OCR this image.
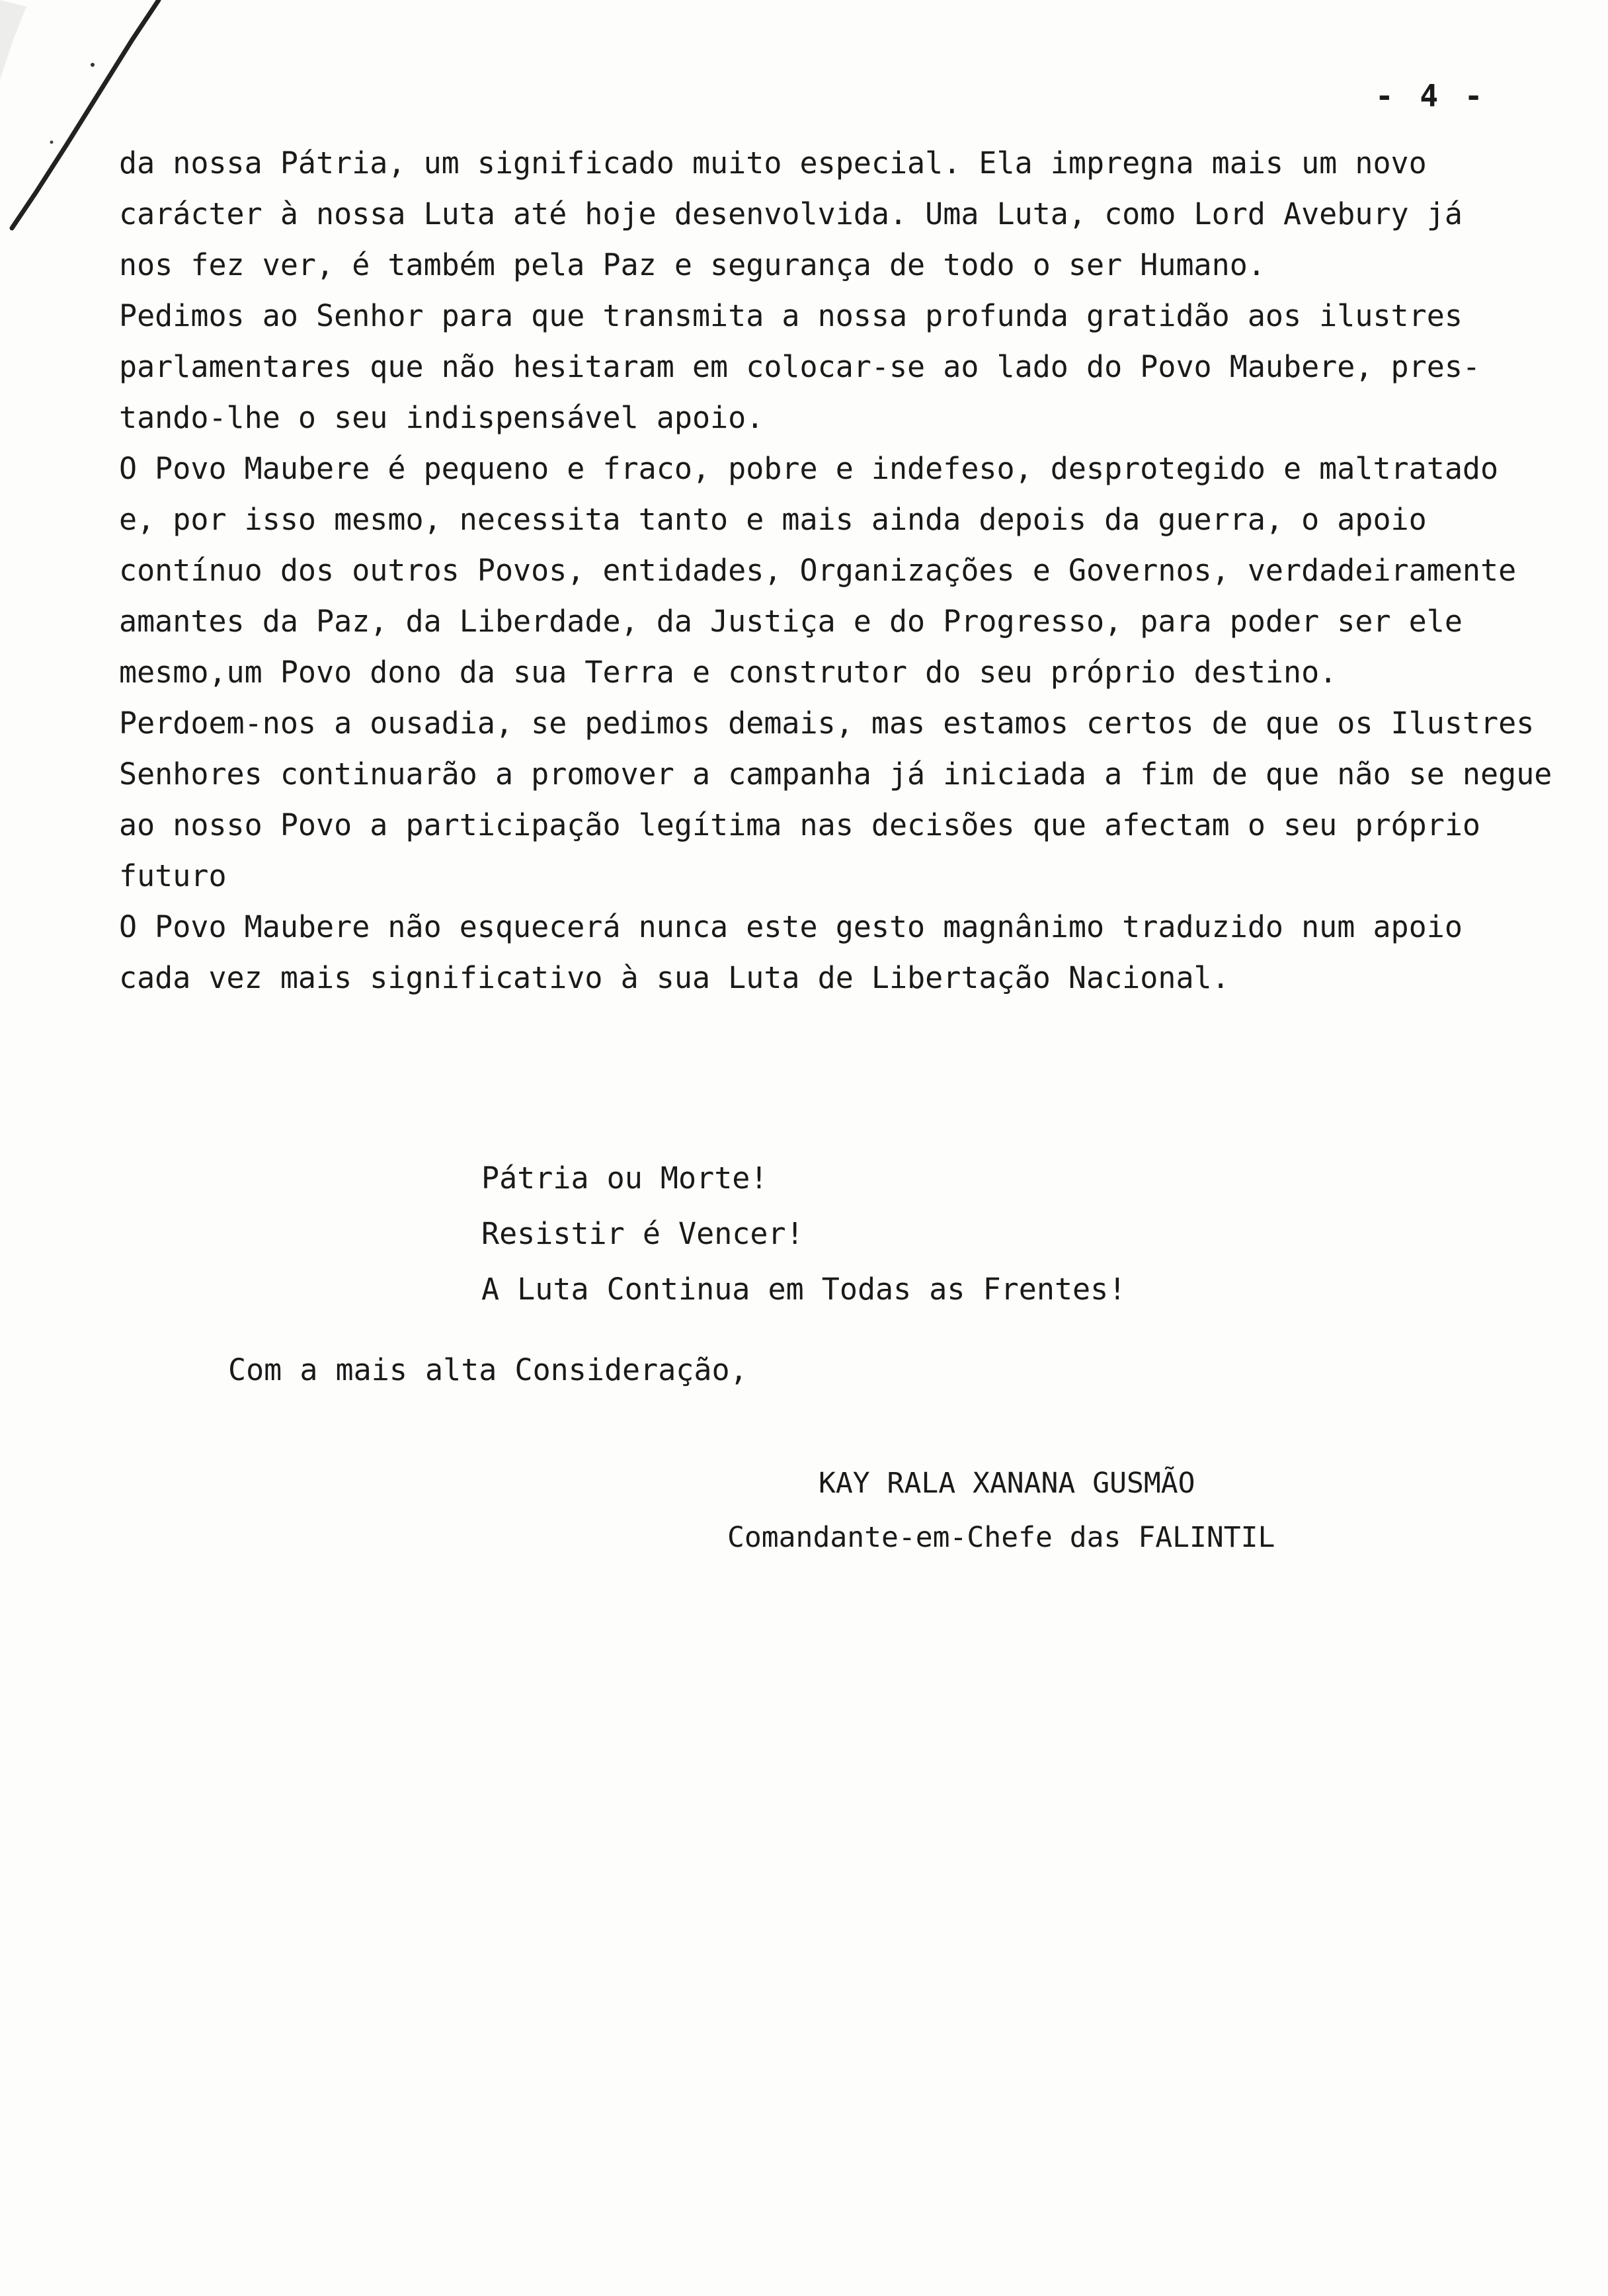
- 4 -
da nossa Pátria, um significado muito especial. Ela impregna mais um novo
carácter à nossa Luta até hoje desenvolvida. Uma Luta, como Lord Avebury já
nos fez ver, é também pela Paz e segurança de todo o ser Humano.
Pedimos ao Senhor para que transmita a nossa profunda gratidão aos ilustres
parlamentares que não hesitaram em colocar-se ao lado do Povo Maubere, pres-
tando-lhe o seu indispensável apoio.
O Povo Maubere é pequeno e fraco, pobre e indefeso, desprotegido e maltratado
e, por isso mesmo, necessita tanto e mais ainda depois da guerra, o apoio
contínuo dos outros Povos, entidades, Organizações e Governos, verdadeiramente
amantes da Paz, da Liberdade, da Justiça e do Progresso, para poder ser ele
mesmo,um Povo dono da sua Terra e construtor do seu próprio destino.
Perdoem-nos a ousadia, se pedimos demais, mas estamos certos de que os Ilustres
Senhores continuarão a promover a campanha já iniciada a fim de que não se negue
ao nosso Povo a participação legítima nas decisões que afectam o seu próprio
futuro
O Povo Maubere não esquecerá nunca este gesto magnânimo traduzido num apoio
cada vez mais significativo à sua Luta de Libertação Nacional.
Pátria ou Morte!
Resistir é Vencer!
A Luta Continua em Todas as Frentes!
Com a mais alta Consideração,
KAY RALA XANANA GUSMÃO
Comandante-em-Chefe das FALINTIL
